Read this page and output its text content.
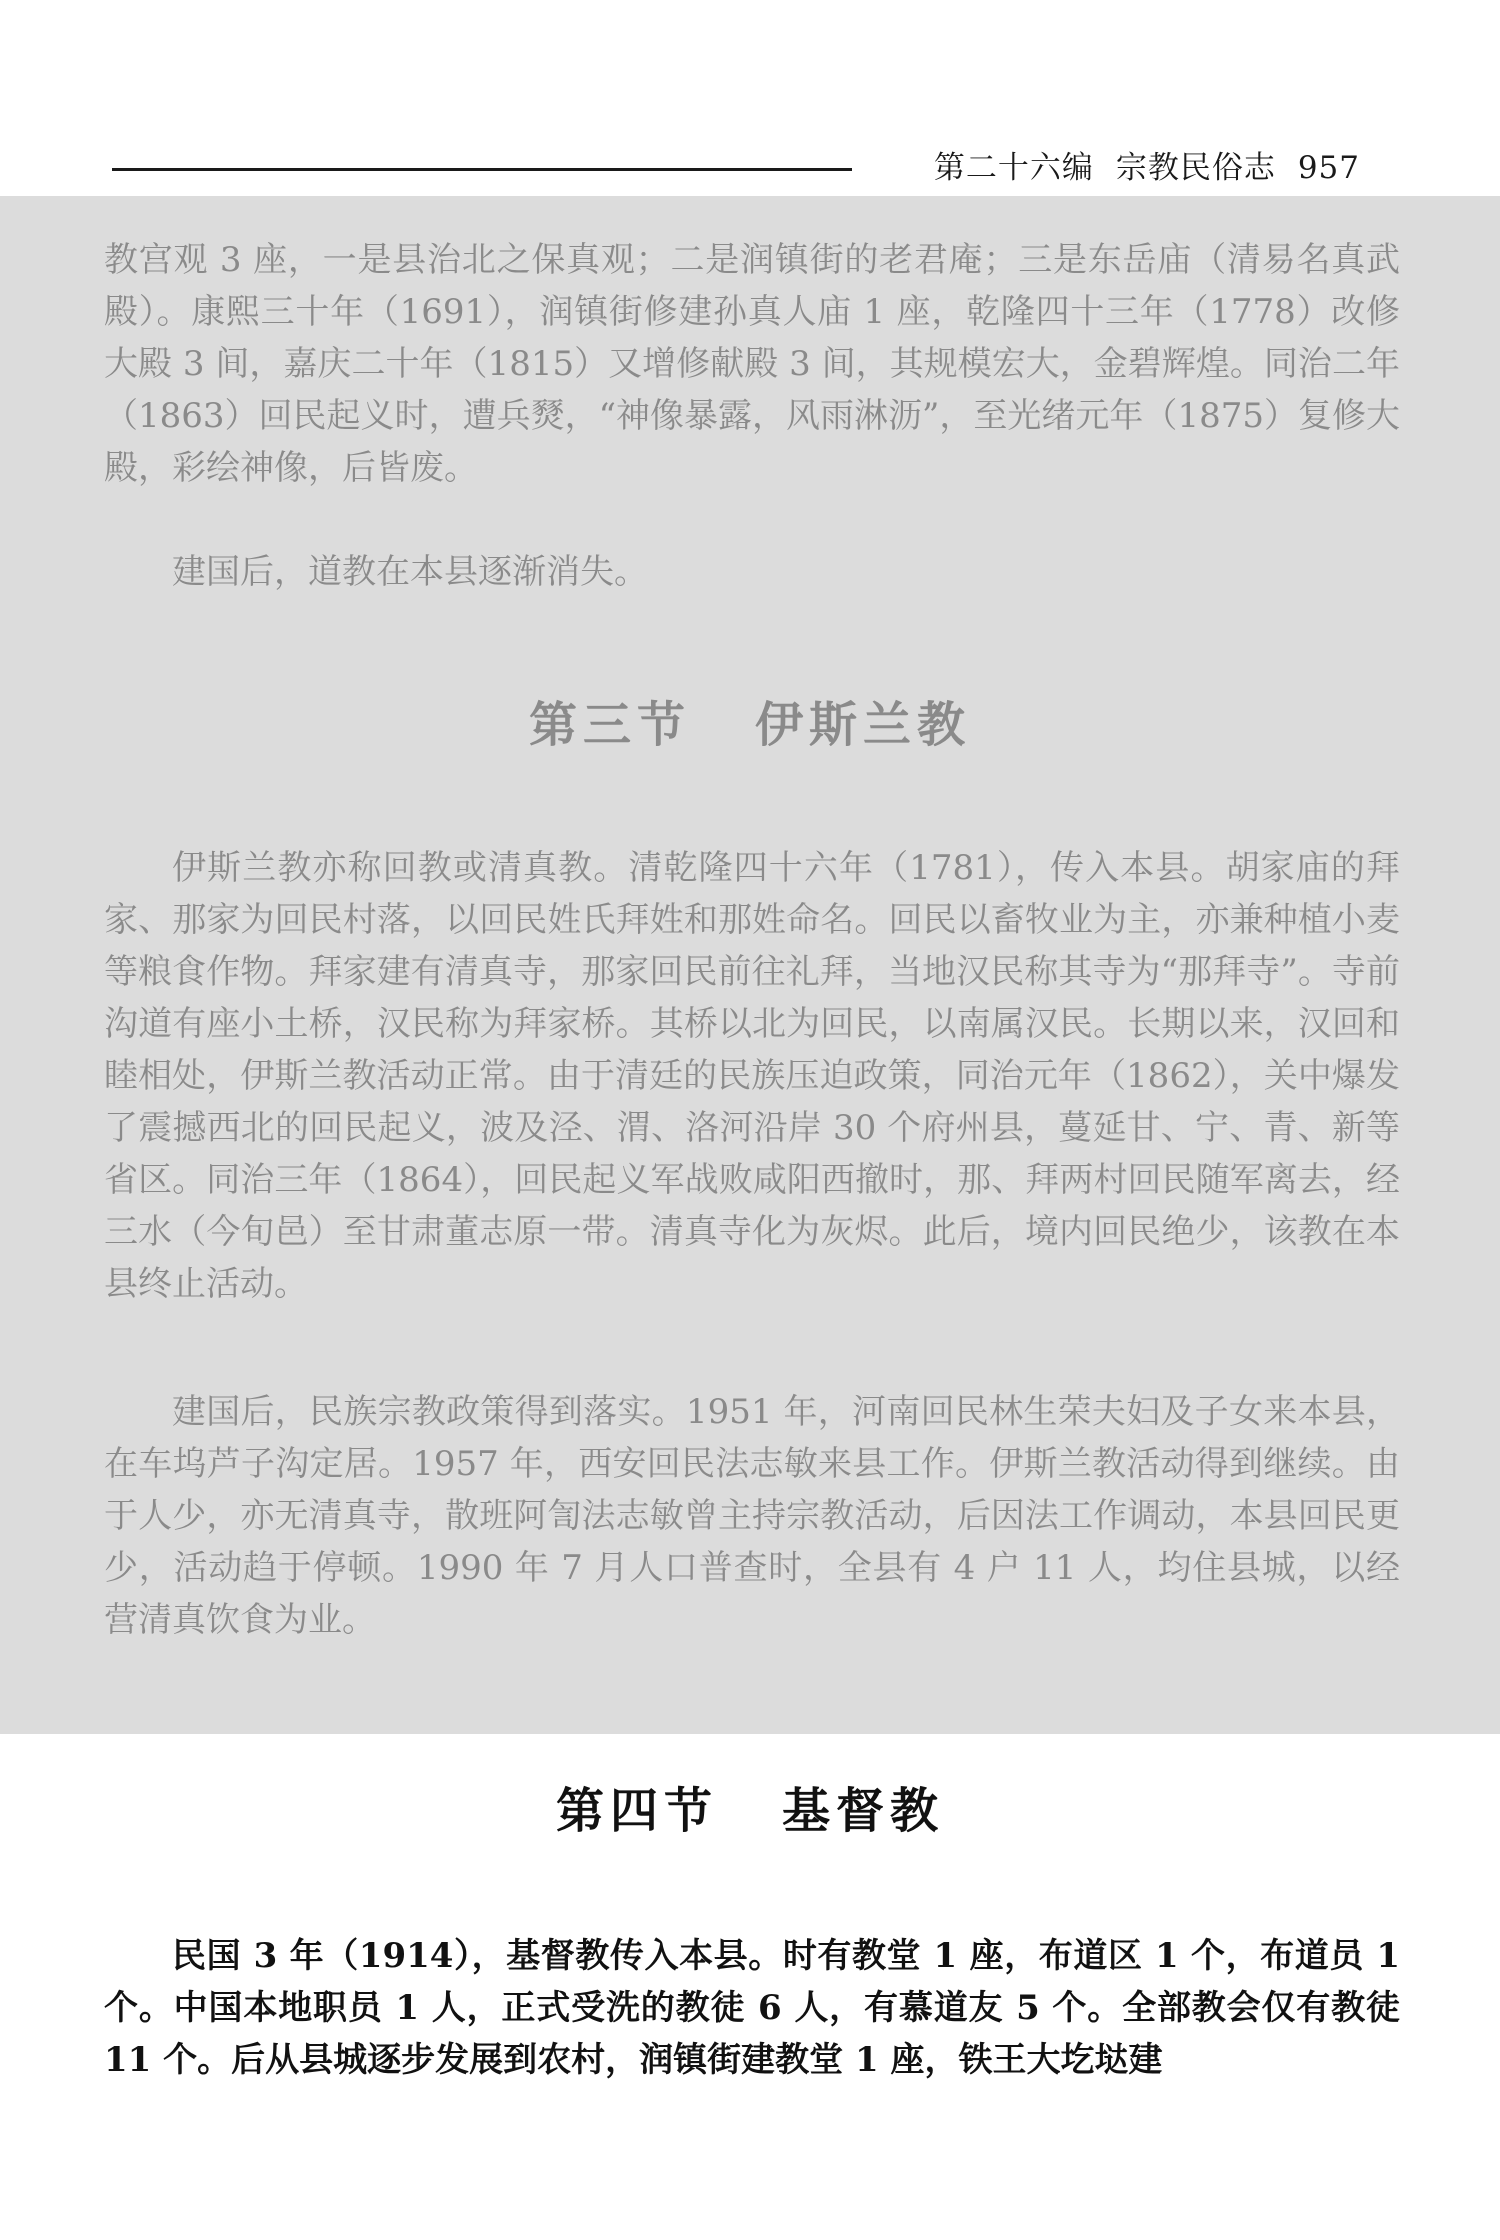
第二十六编 宗教民俗志 957

教宫观 3 座，一是县治北之保真观；二是润镇街的老君庵；三是东岳庙（清易名真武殿）。康熙三十年（1691），润镇街修建孙真人庙 1 座，乾隆四十三年（1778）改修大殿 3 间，嘉庆二十年（1815）又增修献殿 3 间，其规模宏大，金碧辉煌。同治二年（1863）回民起义时，遭兵燹，“神像暴露，风雨淋沥”，至光绪元年（1875）复修大殿，彩绘神像，后皆废。

建国后，道教在本县逐渐消失。

第三节 伊斯兰教

伊斯兰教亦称回教或清真教。清乾隆四十六年（1781），传入本县。胡家庙的拜家、那家为回民村落，以回民姓氏拜姓和那姓命名。回民以畜牧业为主，亦兼种植小麦等粮食作物。拜家建有清真寺，那家回民前往礼拜，当地汉民称其寺为“那拜寺”。寺前沟道有座小土桥，汉民称为拜家桥。其桥以北为回民，以南属汉民。长期以来，汉回和睦相处，伊斯兰教活动正常。由于清廷的民族压迫政策，同治元年（1862），关中爆发了震撼西北的回民起义，波及泾、渭、洛河沿岸 30 个府州县，蔓延甘、宁、青、新等省区。同治三年（1864），回民起义军战败咸阳西撤时，那、拜两村回民随军离去，经三水（今旬邑）至甘肃董志原一带。清真寺化为灰烬。此后，境内回民绝少，该教在本县终止活动。

建国后，民族宗教政策得到落实。1951 年，河南回民林生荣夫妇及子女来本县，在车坞芦子沟定居。1957 年，西安回民法志敏来县工作。伊斯兰教活动得到继续。由于人少，亦无清真寺，散班阿訇法志敏曾主持宗教活动，后因法工作调动，本县回民更少，活动趋于停顿。1990 年 7 月人口普查时，全县有 4 户 11 人，均住县城，以经营清真饮食为业。

第四节 基督教

民国 3 年（1914），基督教传入本县。时有教堂 1 座，布道区 1 个，布道员 1 个。中国本地职员 1 人，正式受洗的教徒 6 人，有慕道友 5 个。全部教会仅有教徒 11 个。后从县城逐步发展到农村，润镇街建教堂 1 座，铁王大圪垯建
